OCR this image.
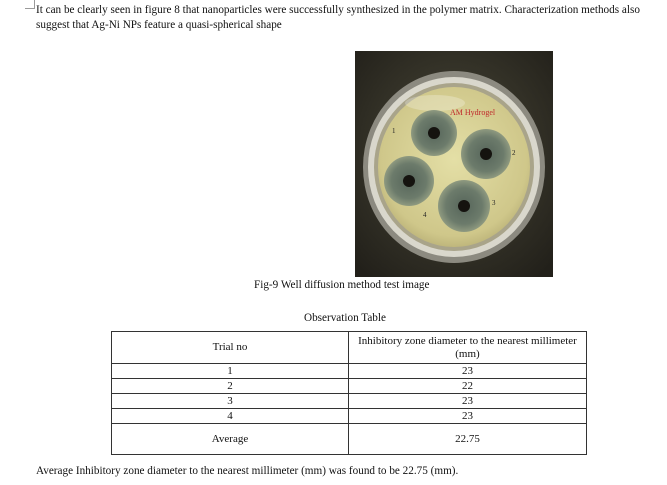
It can be clearly seen in figure 8 that nanoparticles were successfully synthesized in the polymer matrix. Characterization methods also suggest that Ag-Ni NPs feature a quasi-spherical shape

AM Hydrogel
1
2
3
4

Fig-9 Well diffusion method test image

Observation Table

Trial no	Inhibitory zone diameter to the nearest millimeter (mm)
1	23
2	22
3	23
4	23
Average	22.75

Average Inhibitory zone diameter to the nearest millimeter (mm) was found to be 22.75 (mm).
